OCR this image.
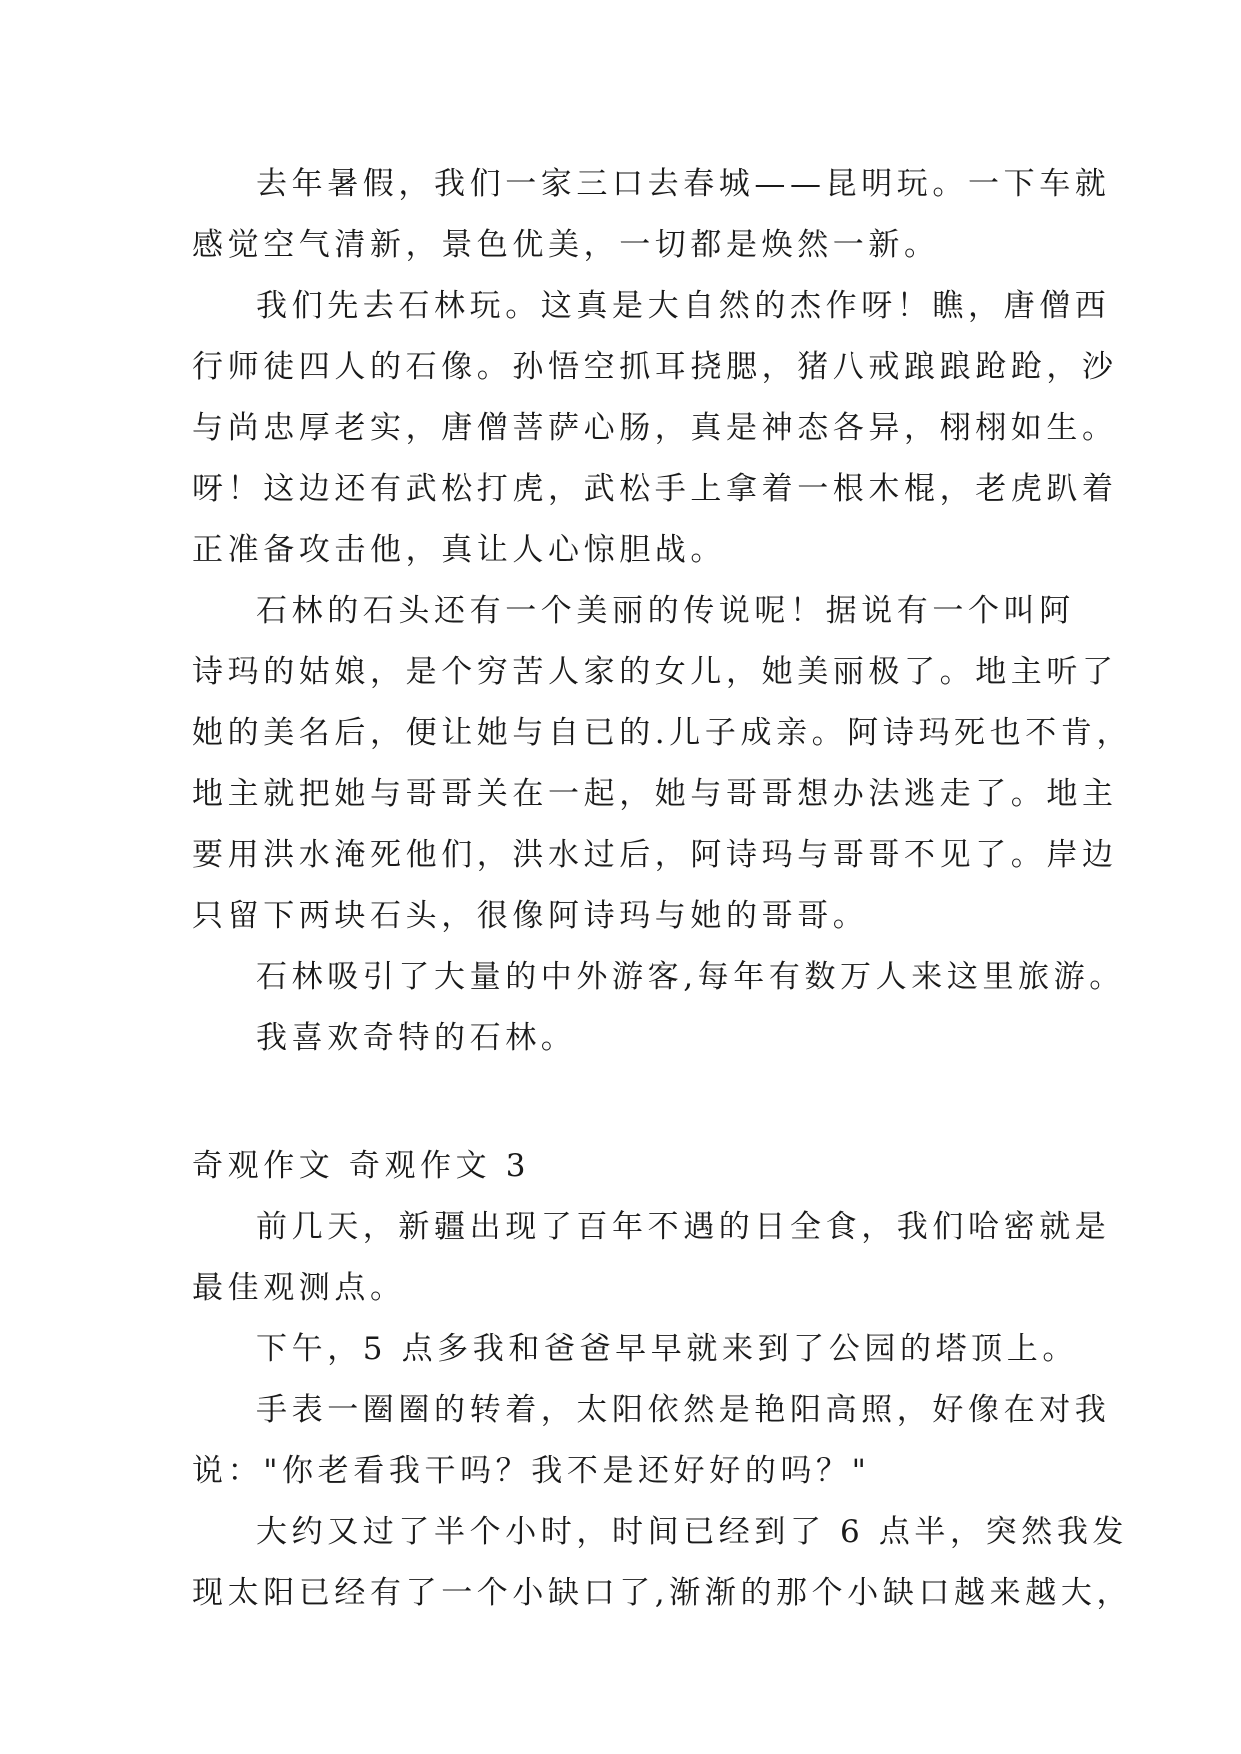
去年暑假，我们一家三口去春城——昆明玩。一下车就
感觉空气清新，景色优美，一切都是焕然一新。
我们先去石林玩。这真是大自然的杰作呀！瞧，唐僧西
行师徒四人的石像。孙悟空抓耳挠腮，猪八戒踉踉跄跄，沙
与尚忠厚老实，唐僧菩萨心肠，真是神态各异，栩栩如生。
呀！这边还有武松打虎，武松手上拿着一根木棍，老虎趴着
正准备攻击他，真让人心惊胆战。
石林的石头还有一个美丽的传说呢！据说有一个叫阿
诗玛的姑娘，是个穷苦人家的女儿，她美丽极了。地主听了
她的美名后，便让她与自已的.儿子成亲。阿诗玛死也不肯，
地主就把她与哥哥关在一起，她与哥哥想办法逃走了。地主
要用洪水淹死他们，洪水过后，阿诗玛与哥哥不见了。岸边
只留下两块石头，很像阿诗玛与她的哥哥。
石林吸引了大量的中外游客,每年有数万人来这里旅游。
我喜欢奇特的石林。
奇观作文 奇观作文 3
前几天，新疆出现了百年不遇的日全食，我们哈密就是
最佳观测点。
下午，5 点多我和爸爸早早就来到了公园的塔顶上。
手表一圈圈的转着，太阳依然是艳阳高照，好像在对我
说："你老看我干吗？我不是还好好的吗？"
大约又过了半个小时，时间已经到了 6 点半，突然我发
现太阳已经有了一个小缺口了,渐渐的那个小缺口越来越大，
